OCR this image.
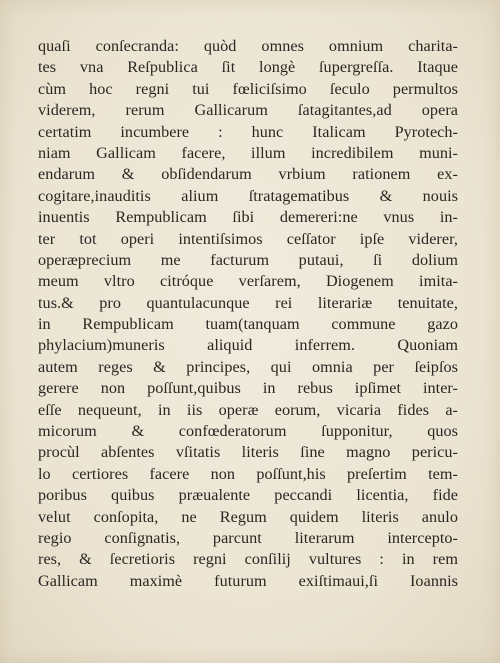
quaſi conſecranda: quòd omnes omnium charita-
tes vna Reſpublica ſit longè ſupergreſſa. Itaque
cùm hoc regni tui fœliciſsimo ſeculo permultos
viderem, rerum Gallicarum ſatagitantes,ad opera
certatim incumbere : hunc Italicam Pyrotech-
niam Gallicam facere, illum incredibilem muni-
endarum & obſidendarum vrbium rationem ex-
cogitare,inauditis alium ſtratagematibus & nouis
inuentis Rempublicam ſibi demereri:ne vnus in-
ter tot operi intentiſsimos ceſſator ipſe viderer,
operæprecium me facturum putaui, ſi dolium
meum vltro citróque verſarem, Diogenem imita-
tus.& pro quantulacunque rei literariæ tenuitate,
in Rempublicam tuam(tanquam commune gazo
phylacium)muneris aliquid inferrem. Quoniam
autem reges & principes, qui omnia per ſeipſos
gerere non poſſunt,quibus in rebus ipſimet inter-
eſſe nequeunt, in iis operæ eorum, vicaria fides a-
micorum & confœderatorum ſupponitur, quos
procùl abſentes vſitatis literis ſine magno pericu-
lo certiores facere non poſſunt,his preſertim tem-
poribus quibus præualente peccandi licentia, fide
velut conſopita, ne Regum quidem literis anulo
regio conſignatis, parcunt literarum intercepto-
res, & ſecretioris regni conſilij vultures : in rem
Gallicam maximè futurum exiſtimaui,ſi Ioannis
